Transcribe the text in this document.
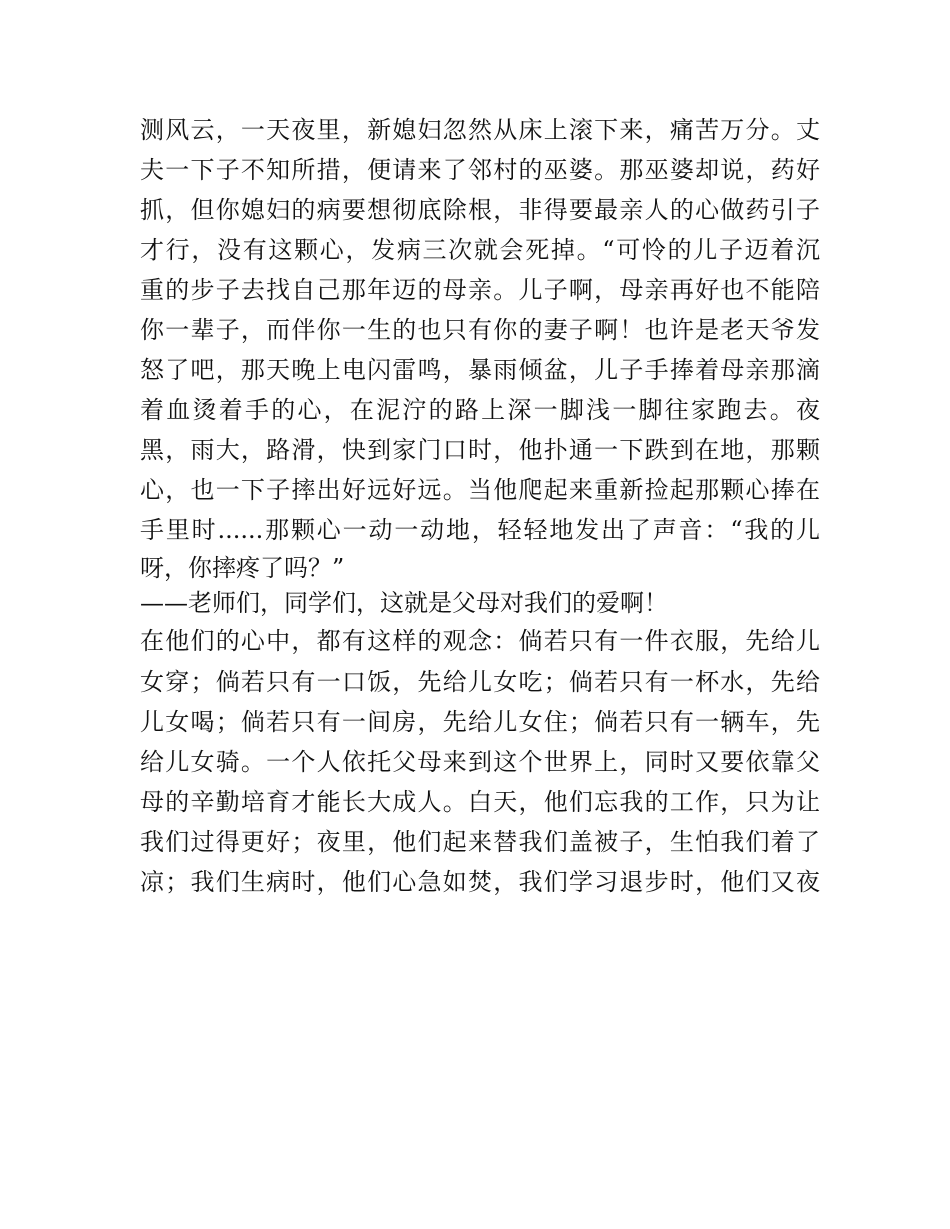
测风云，一天夜里，新媳妇忽然从床上滚下来，痛苦万分。丈
夫一下子不知所措，便请来了邻村的巫婆。那巫婆却说，药好
抓，但你媳妇的病要想彻底除根，非得要最亲人的心做药引子
才行，没有这颗心，发病三次就会死掉。“可怜的儿子迈着沉
重的步子去找自己那年迈的母亲。儿子啊，母亲再好也不能陪
你一辈子，而伴你一生的也只有你的妻子啊！也许是老天爷发
怒了吧，那天晚上电闪雷鸣，暴雨倾盆，儿子手捧着母亲那滴
着血烫着手的心，在泥泞的路上深一脚浅一脚往家跑去。夜
黑，雨大，路滑，快到家门口时，他扑通一下跌到在地，那颗
心，也一下子摔出好远好远。当他爬起来重新捡起那颗心捧在
手里时......那颗心一动一动地，轻轻地发出了声音：“我的儿
呀，你摔疼了吗？”
——老师们，同学们，这就是父母对我们的爱啊！
在他们的心中，都有这样的观念：倘若只有一件衣服，先给儿
女穿；倘若只有一口饭，先给儿女吃；倘若只有一杯水，先给
儿女喝；倘若只有一间房，先给儿女住；倘若只有一辆车，先
给儿女骑。一个人依托父母来到这个世界上，同时又要依靠父
母的辛勤培育才能长大成人。白天，他们忘我的工作，只为让
我们过得更好；夜里，他们起来替我们盖被子，生怕我们着了
凉；我们生病时，他们心急如焚，我们学习退步时，他们又夜
